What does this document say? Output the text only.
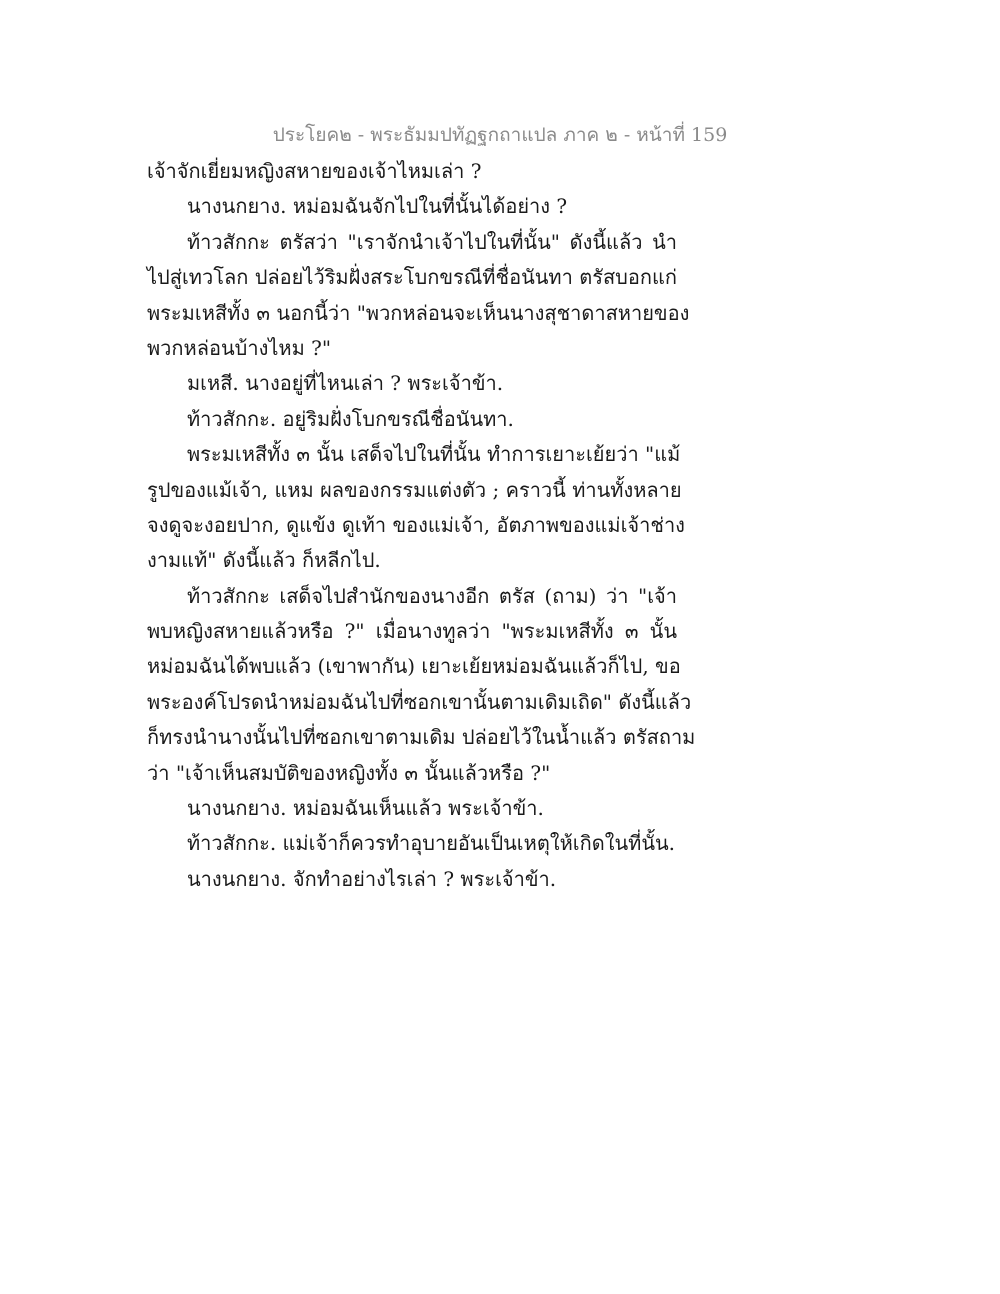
ประโยค๒ - พระธัมมปทัฏฐกถาแปล ภาค ๒ - หน้าที่ 159
เจ้าจักเยี่ยมหญิงสหายของเจ้าไหมเล่า ?
นางนกยาง. หม่อมฉันจักไปในที่นั้นได้อย่าง ?
ท้าวสักกะ ตรัสว่า "เราจักนำเจ้าไปในที่นั้น" ดังนี้แล้ว นำ
ไปสู่เทวโลก ปล่อยไว้ริมฝั่งสระโบกขรณีที่ชื่อนันทา ตรัสบอกแก่
พระมเหสีทั้ง ๓ นอกนี้ว่า "พวกหล่อนจะเห็นนางสุชาดาสหายของ
พวกหล่อนบ้างไหม ?"
มเหสี. นางอยู่ที่ไหนเล่า ? พระเจ้าข้า.
ท้าวสักกะ. อยู่ริมฝั่งโบกขรณีชื่อนันทา.
พระมเหสีทั้ง ๓ นั้น เสด็จไปในที่นั้น ทำการเยาะเย้ยว่า "แม้
รูปของแม้เจ้า, แหม ผลของกรรมแต่งตัว ; คราวนี้ ท่านทั้งหลาย
จงดูจะงอยปาก, ดูแข้ง ดูเท้า ของแม่เจ้า, อัตภาพของแม่เจ้าช่าง
งามแท้" ดังนี้แล้ว ก็หลีกไป.
ท้าวสักกะ เสด็จไปสำนักของนางอีก ตรัส (ถาม) ว่า "เจ้า
พบหญิงสหายแล้วหรือ ?" เมื่อนางทูลว่า "พระมเหสีทั้ง ๓ นั้น
หม่อมฉันได้พบแล้ว (เขาพากัน) เยาะเย้ยหม่อมฉันแล้วก็ไป, ขอ
พระองค์โปรดนำหม่อมฉันไปที่ซอกเขานั้นตามเดิมเถิด" ดังนี้แล้ว
ก็ทรงนำนางนั้นไปที่ซอกเขาตามเดิม ปล่อยไว้ในน้ำแล้ว ตรัสถาม
ว่า "เจ้าเห็นสมบัติของหญิงทั้ง ๓ นั้นแล้วหรือ ?"
นางนกยาง. หม่อมฉันเห็นแล้ว พระเจ้าข้า.
ท้าวสักกะ. แม่เจ้าก็ควรทำอุบายอันเป็นเหตุให้เกิดในที่นั้น.
นางนกยาง. จักทำอย่างไรเล่า ? พระเจ้าข้า.
